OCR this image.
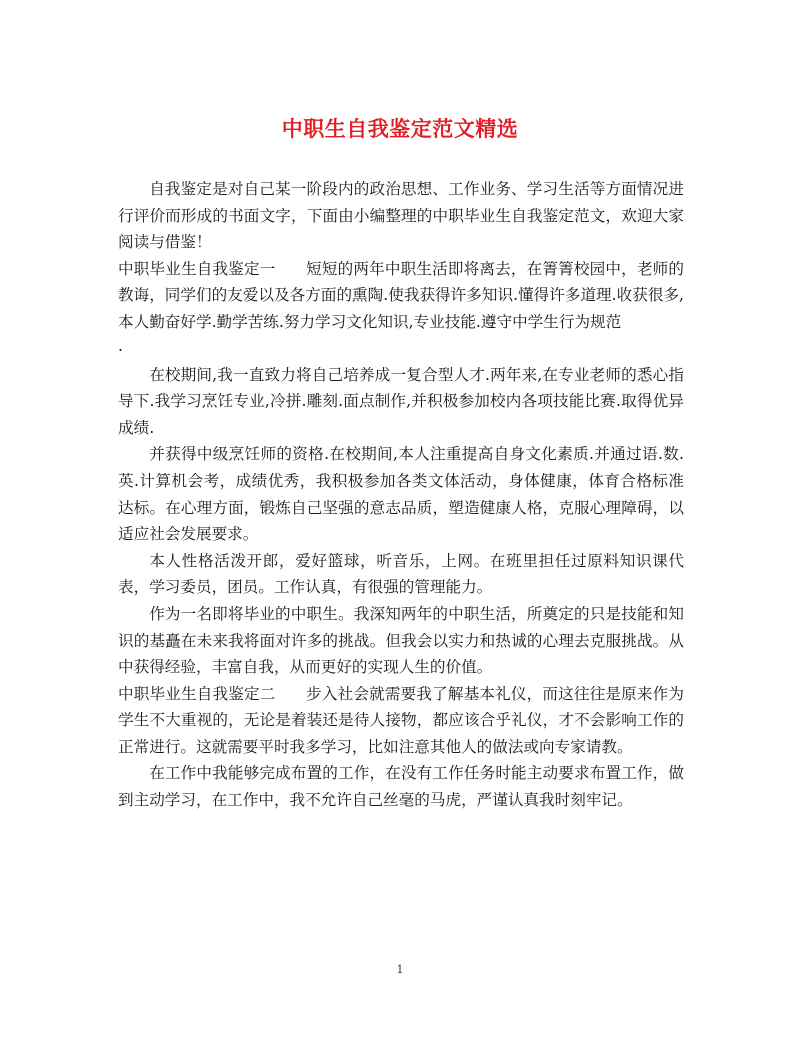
中职生自我鉴定范文精选

自我鉴定是对自己某一阶段内的政治思想、工作业务、学习生活等方面情况进行评价而形成的书面文字，下面由小编整理的中职毕业生自我鉴定范文，欢迎大家阅读与借鉴！

中职毕业生自我鉴定一 短短的两年中职生活即将离去，在箐箐校园中，老师的教诲，同学们的友爱以及各方面的熏陶.使我获得许多知识.懂得许多道理.收获很多,本人勤奋好学.勤学苦练.努力学习文化知识,专业技能.遵守中学生行为规范

.

在校期间,我一直致力将自己培养成一复合型人才.两年来,在专业老师的悉心指导下.我学习烹饪专业,冷拼.雕刻.面点制作,并积极参加校内各项技能比赛.取得优异成绩.

并获得中级烹饪师的资格.在校期间,本人注重提高自身文化素质.并通过语.数.英.计算机会考，成绩优秀，我积极参加各类文体活动，身体健康，体育合格标准达标。在心理方面，锻炼自己坚强的意志品质，塑造健康人格，克服心理障碍，以适应社会发展要求。

本人性格活泼开郎，爱好篮球，听音乐，上网。在班里担任过原料知识课代表，学习委员，团员。工作认真，有很强的管理能力。

作为一名即将毕业的中职生。我深知两年的中职生活，所奠定的只是技能和知识的基矗在未来我将面对许多的挑战。但我会以实力和热诚的心理去克服挑战。从中获得经验，丰富自我，从而更好的实现人生的价值。

中职毕业生自我鉴定二 步入社会就需要我了解基本礼仪，而这往往是原来作为学生不大重视的，无论是着装还是待人接物，都应该合乎礼仪，才不会影响工作的正常进行。这就需要平时我多学习，比如注意其他人的做法或向专家请教。

在工作中我能够完成布置的工作，在没有工作任务时能主动要求布置工作，做到主动学习，在工作中，我不允许自己丝毫的马虎，严谨认真我时刻牢记。

1
